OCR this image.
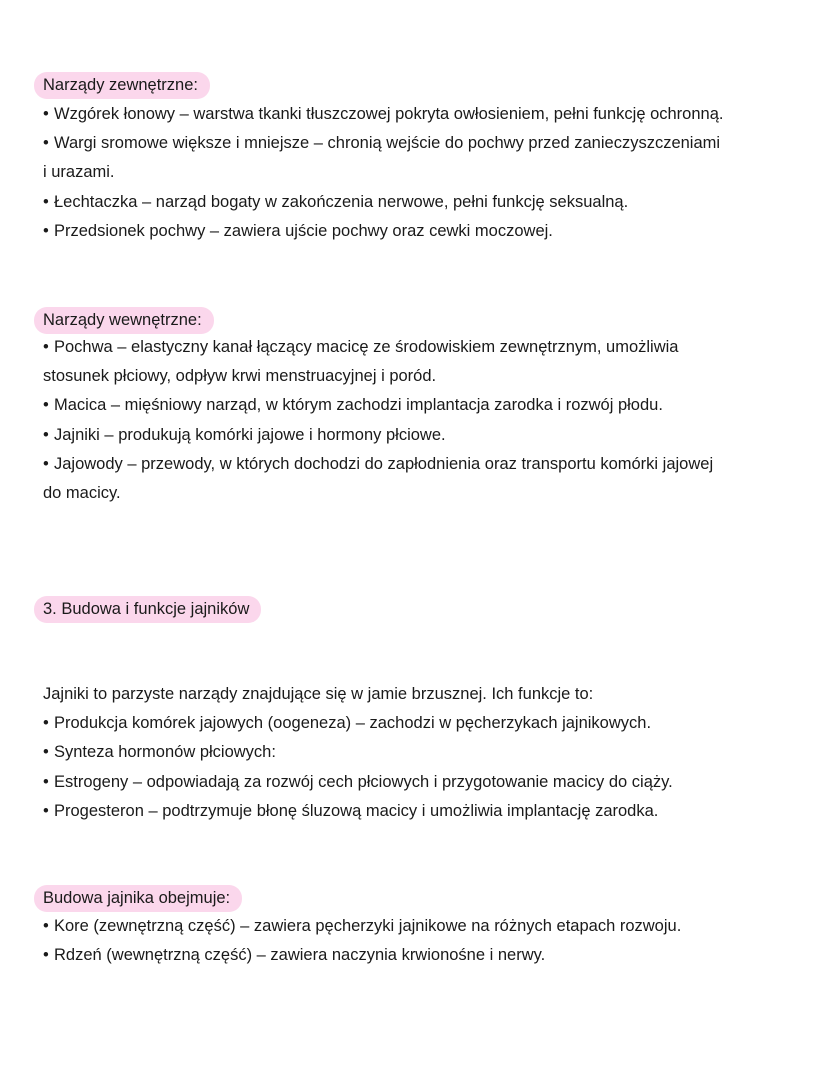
Narządy zewnętrzne:
• Wzgórek łonowy – warstwa tkanki tłuszczowej pokryta owłosieniem, pełni funkcję ochronną.
• Wargi sromowe większe i mniejsze – chronią wejście do pochwy przed zanieczyszczeniami
i urazami.
• Łechtaczka – narząd bogaty w zakończenia nerwowe, pełni funkcję seksualną.
• Przedsionek pochwy – zawiera ujście pochwy oraz cewki moczowej.
Narządy wewnętrzne:
• Pochwa – elastyczny kanał łączący macicę ze środowiskiem zewnętrznym, umożliwia
stosunek płciowy, odpływ krwi menstruacyjnej i poród.
• Macica – mięśniowy narząd, w którym zachodzi implantacja zarodka i rozwój płodu.
• Jajniki – produkują komórki jajowe i hormony płciowe.
• Jajowody – przewody, w których dochodzi do zapłodnienia oraz transportu komórki jajowej
do macicy.
3. Budowa i funkcje jajników
Jajniki to parzyste narządy znajdujące się w jamie brzusznej. Ich funkcje to:
• Produkcja komórek jajowych (oogeneza) – zachodzi w pęcherzykach jajnikowych.
• Synteza hormonów płciowych:
• Estrogeny – odpowiadają za rozwój cech płciowych i przygotowanie macicy do ciąży.
• Progesteron – podtrzymuje błonę śluzową macicy i umożliwia implantację zarodka.
Budowa jajnika obejmuje:
• Kore (zewnętrzną część) – zawiera pęcherzyki jajnikowe na różnych etapach rozwoju.
• Rdzeń (wewnętrzną część) – zawiera naczynia krwionośne i nerwy.
